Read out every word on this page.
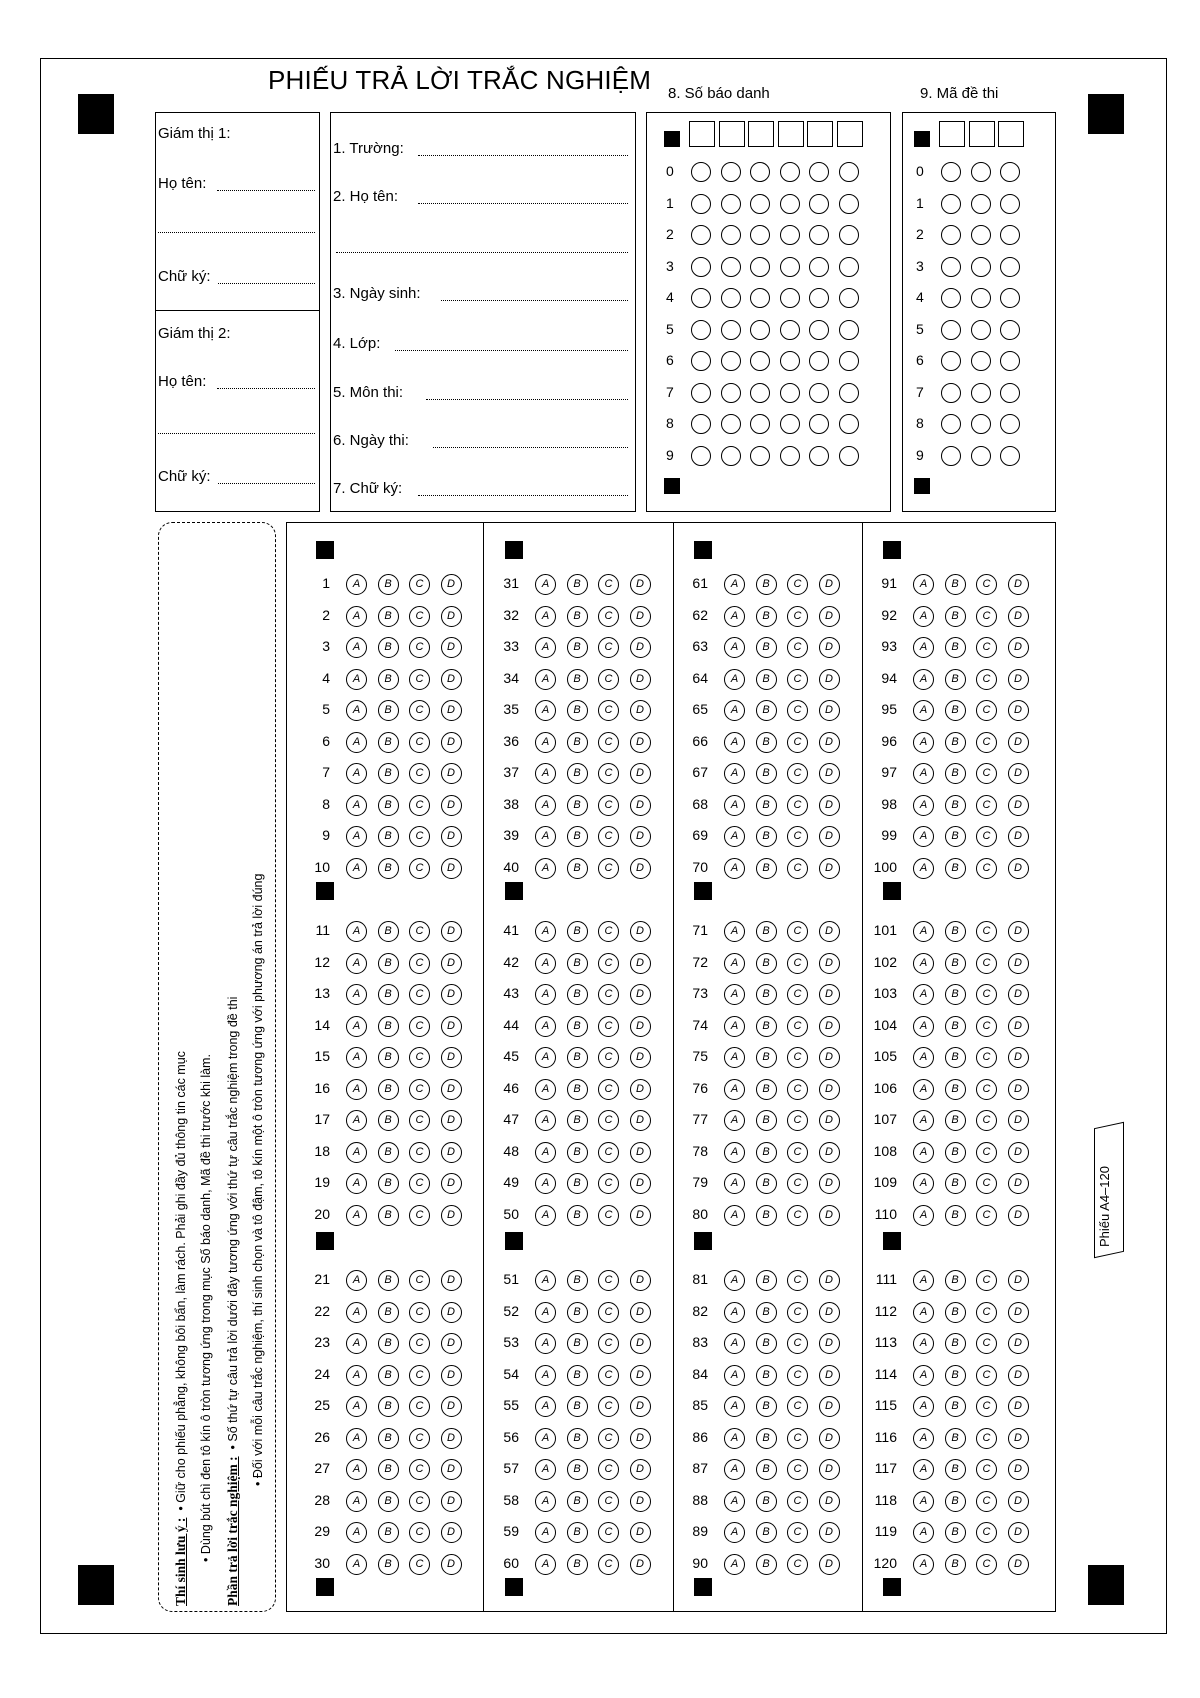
PHIẾU TRẢ LỜI TRẮC NGHIỆM 8. Số báo danh	9. Mã đề thi
Giám thị 1:
Họ tên:
Chữ ký:
Giám thị 2:
Họ tên:
Chữ ký:
1. Trường:
2. Họ tên:
3. Ngày sinh:
4. Lớp:
5. Môn thi:
6. Ngày thi:
7. Chữ ký:
0
1
2
3
4
5
6
7
8
9
0
1
2
3
4
5
6
7
8
9
Thí sinh lưu ý :  • Giữ cho phiếu phẳng, không bôi bẩn, làm rách. Phải ghi đầy đủ thông tin các mục • Dùng bút chì đen tô kín ô tròn tương ứng trong mục Số báo danh, Mã đề thi trước khi làm. Phần trả lời trắc nghiệm :  • Số thứ tự câu trả lời dưới đây tương ứng với thứ tự câu trắc nghiệm trong đề thi • Đối với mỗi câu trắc nghiệm, thí sinh chọn và tô đậm, tô kín một ô tròn tương ứng với phương án trả lời đúng
1	A	B	C	D
2	A	B	C	D
3	A	B	C	D
4	A	B	C	D
5	A	B	C	D
6	A	B	C	D
7	A	B	C	D
8	A	B	C	D
9	A	B	C	D
10	A	B	C	D
11	A	B	C	D
12	A	B	C	D
13	A	B	C	D
14	A	B	C	D
15	A	B	C	D
16	A	B	C	D
17	A	B	C	D
18	A	B	C	D
19	A	B	C	D
20	A	B	C	D
21	A	B	C	D
22	A	B	C	D
23	A	B	C	D
24	A	B	C	D
25	A	B	C	D
26	A	B	C	D
27	A	B	C	D
28	A	B	C	D
29	A	B	C	D
30	A	B	C	D
31	A	B	C	D
32	A	B	C	D
33	A	B	C	D
34	A	B	C	D
35	A	B	C	D
36	A	B	C	D
37	A	B	C	D
38	A	B	C	D
39	A	B	C	D
40	A	B	C	D
41	A	B	C	D
42	A	B	C	D
43	A	B	C	D
44	A	B	C	D
45	A	B	C	D
46	A	B	C	D
47	A	B	C	D
48	A	B	C	D
49	A	B	C	D
50	A	B	C	D
51	A	B	C	D
52	A	B	C	D
53	A	B	C	D
54	A	B	C	D
55	A	B	C	D
56	A	B	C	D
57	A	B	C	D
58	A	B	C	D
59	A	B	C	D
60	A	B	C	D
61	A	B	C	D
62	A	B	C	D
63	A	B	C	D
64	A	B	C	D
65	A	B	C	D
66	A	B	C	D
67	A	B	C	D
68	A	B	C	D
69	A	B	C	D
70	A	B	C	D
71	A	B	C	D
72	A	B	C	D
73	A	B	C	D
74	A	B	C	D
75	A	B	C	D
76	A	B	C	D
77	A	B	C	D
78	A	B	C	D
79	A	B	C	D
80	A	B	C	D
81	A	B	C	D
82	A	B	C	D
83	A	B	C	D
84	A	B	C	D
85	A	B	C	D
86	A	B	C	D
87	A	B	C	D
88	A	B	C	D
89	A	B	C	D
90	A	B	C	D
91	A	B	C	D
92	A	B	C	D
93	A	B	C	D
94	A	B	C	D
95	A	B	C	D
96	A	B	C	D
97	A	B	C	D
98	A	B	C	D
99	A	B	C	D
100	A	B	C	D
101	A	B	C	D
102	A	B	C	D
103	A	B	C	D
104	A	B	C	D
105	A	B	C	D
106	A	B	C	D
107	A	B	C	D
108	A	B	C	D
109	A	B	C	D
110	A	B	C	D
111	A	B	C	D
112	A	B	C	D
113	A	B	C	D
114	A	B	C	D
115	A	B	C	D
116	A	B	C	D
117	A	B	C	D
118	A	B	C	D
119	A	B	C	D
120	A	B	C	D
Phiếu A4–120
